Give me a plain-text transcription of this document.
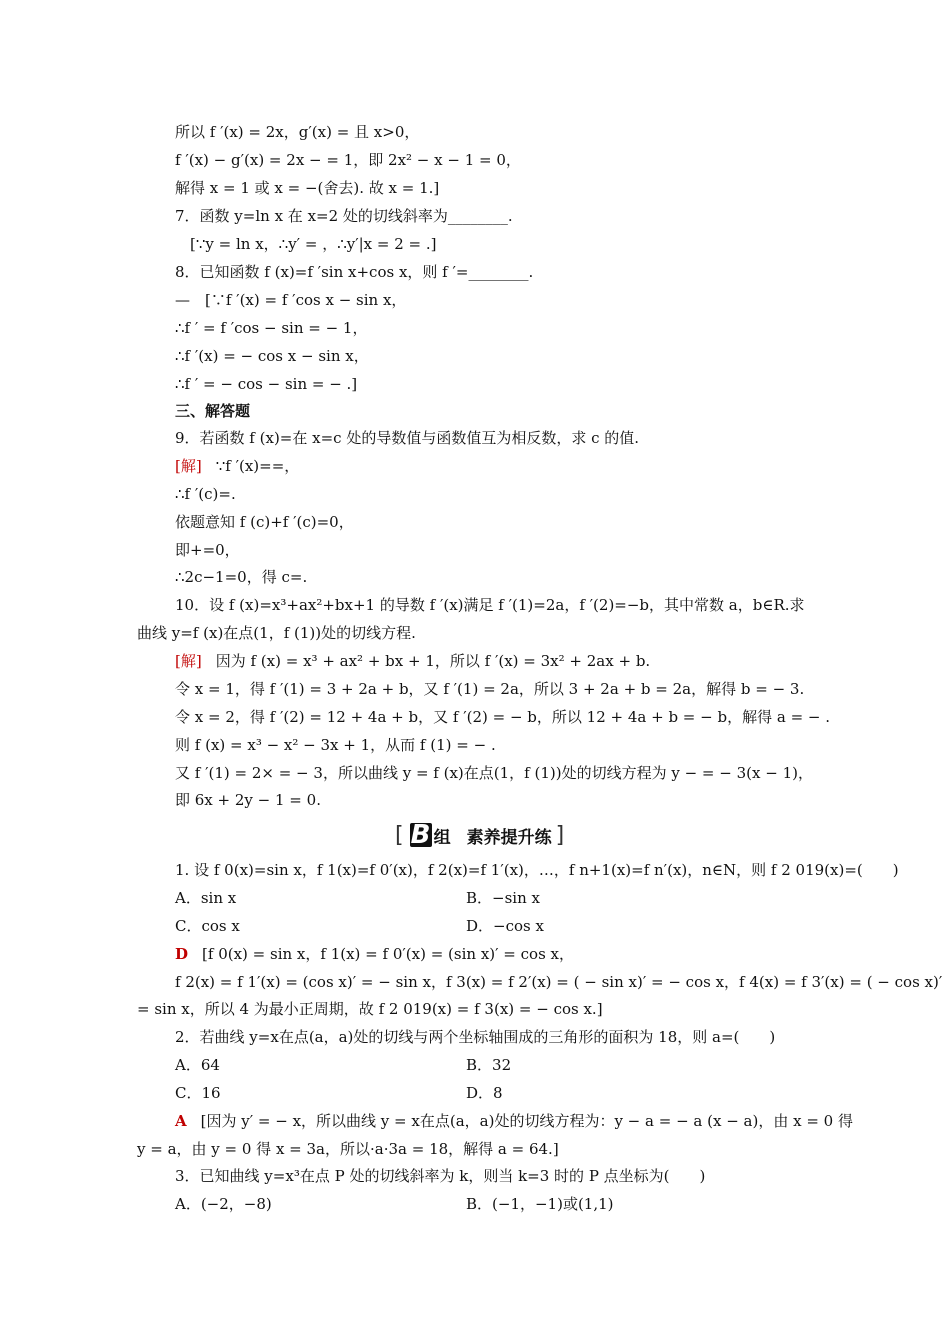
所以 f ′(x) = 2x，g′(x) = 且 x>0，
f ′(x) − g′(x) = 2x − = 1，即 2x² − x − 1 = 0，
解得 x = 1 或 x = −(舍去). 故 x = 1.]
7．函数 y=ln x 在 x=2 处的切线斜率为________.
[∵y = ln x，∴y′ = ，∴y′|x = 2 = .]
8．已知函数 f (x)=f ′sin x+cos x，则 f ′=________.
—　[∵f ′(x) = f ′cos x − sin x，
∴f ′ = f ′cos − sin = − 1，
∴f ′(x) = − cos x − sin x，
∴f ′ = − cos − sin = − .]
三、解答题
9．若函数 f (x)=在 x=c 处的导数值与函数值互为相反数，求 c 的值.
[解] ∵f ′(x)==，
∴f ′(c)=.
依题意知 f (c)+f ′(c)=0，
即+=0，
∴2c−1=0，得 c=.
10．设 f (x)=x³+ax²+bx+1 的导数 f ′(x)满足 f ′(1)=2a，f ′(2)=−b，其中常数 a，b∈R.求
曲线 y=f (x)在点(1，f (1))处的切线方程.
[解] 因为 f (x) = x³ + ax² + bx + 1，所以 f ′(x) = 3x² + 2ax + b.
令 x = 1，得 f ′(1) = 3 + 2a + b，又 f ′(1) = 2a，所以 3 + 2a + b = 2a，解得 b = − 3.
令 x = 2，得 f ′(2) = 12 + 4a + b，又 f ′(2) = − b，所以 12 + 4a + b = − b，解得 a = − .
则 f (x) = x³ − x² − 3x + 1，从而 f (1) = − .
又 f ′(1) = 2× = − 3，所以曲线 y = f (x)在点(1，f (1))处的切线方程为 y − = − 3(x − 1)，
即 6x + 2y − 1 = 0.
[ B 组 素养提升练 ]
1. 设 f 0(x)=sin x，f 1(x)=f 0′(x)，f 2(x)=f 1′(x)，…，f n+1(x)=f n′(x)，n∈N，则 f 2 019(x)=(　　)
A．sin x	B．−sin x
C．cos x	D．−cos x
D [f 0(x) = sin x，f 1(x) = f 0′(x) = (sin x)′ = cos x，
f 2(x) = f 1′(x) = (cos x)′ = − sin x，f 3(x) = f 2′(x) = ( − sin x)′ = − cos x，f 4(x) = f 3′(x) = ( − cos x)′
= sin x，所以 4 为最小正周期，故 f 2 019(x) = f 3(x) = − cos x.]
2．若曲线 y=x在点(a，a)处的切线与两个坐标轴围成的三角形的面积为 18，则 a=(　　)
A．64	B．32
C．16	D．8
A [因为 y′ = − x，所以曲线 y = x在点(a，a)处的切线方程为：y − a = − a (x − a)，由 x = 0 得
y = a，由 y = 0 得 x = 3a，所以·a·3a = 18，解得 a = 64.]
3．已知曲线 y=x³在点 P 处的切线斜率为 k，则当 k=3 时的 P 点坐标为(　　)
A．(−2，−8)	B．(−1，−1)或(1,1)
